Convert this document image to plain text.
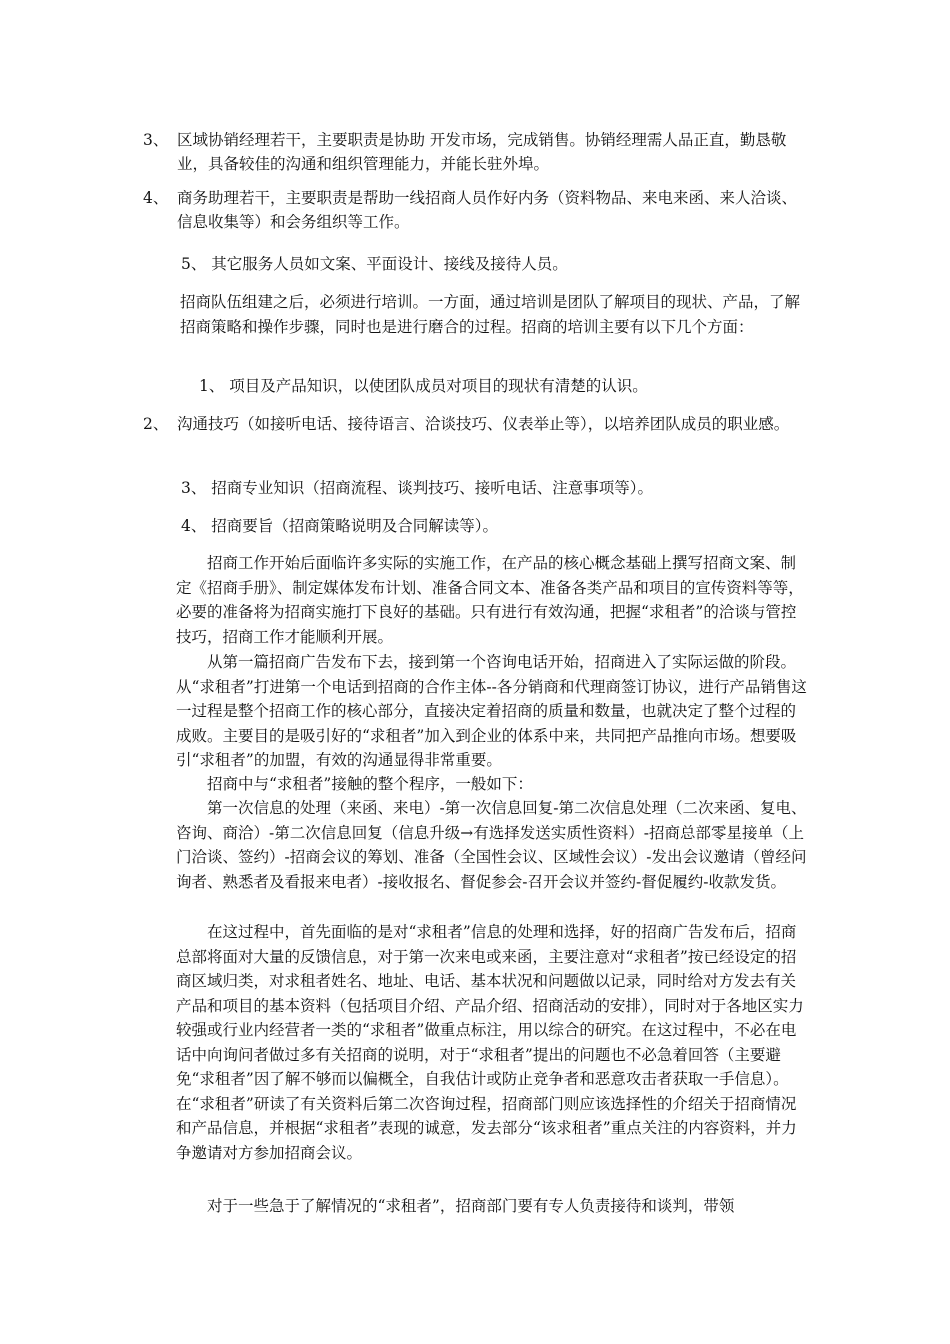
3、 区域协销经理若干，主要职责是协助 开发市场，完成销售。协销经理需人品正直，勤恳敬业，具备较佳的沟通和组织管理能力，并能长驻外埠。
4、 商务助理若干，主要职责是帮助一线招商人员作好内务（资料物品、来电来函、来人洽谈、信息收集等）和会务组织等工作。
5、 其它服务人员如文案、平面设计、接线及接待人员。
招商队伍组建之后，必须进行培训。一方面，通过培训是团队了解项目的现状、产品，了解招商策略和操作步骤，同时也是进行磨合的过程。招商的培训主要有以下几个方面：
1、 项目及产品知识，以使团队成员对项目的现状有清楚的认识。
2、 沟通技巧（如接听电话、接待语言、洽谈技巧、仪表举止等），以培养团队成员的职业感。
3、 招商专业知识（招商流程、谈判技巧、接听电话、注意事项等）。
4、 招商要旨（招商策略说明及合同解读等）。

招商工作开始后面临许多实际的实施工作，在产品的核心概念基础上撰写招商文案、制定《招商手册》、制定媒体发布计划、准备合同文本、准备各类产品和项目的宣传资料等等，必要的准备将为招商实施打下良好的基础。只有进行有效沟通，把握“求租者”的洽谈与管控技巧，招商工作才能顺利开展。

从第一篇招商广告发布下去，接到第一个咨询电话开始，招商进入了实际运做的阶段。从“求租者”打进第一个电话到招商的合作主体--各分销商和代理商签订协议，进行产品销售这一过程是整个招商工作的核心部分，直接决定着招商的质量和数量，也就决定了整个过程的成败。主要目的是吸引好的“求租者”加入到企业的体系中来，共同把产品推向市场。想要吸引“求租者”的加盟，有效的沟通显得非常重要。

招商中与“求租者”接触的整个程序，一般如下：

第一次信息的处理（来函、来电）-第一次信息回复-第二次信息处理（二次来函、复电、咨询、商洽）-第二次信息回复（信息升级→有选择发送实质性资料）-招商总部零星接单（上门洽谈、签约）-招商会议的筹划、准备（全国性会议、区域性会议）-发出会议邀请（曾经问询者、熟悉者及看报来电者）-接收报名、督促参会-召开会议并签约-督促履约-收款发货。

在这过程中，首先面临的是对“求租者”信息的处理和选择，好的招商广告发布后，招商总部将面对大量的反馈信息，对于第一次来电或来函，主要注意对“求租者”按已经设定的招商区域归类，对求租者姓名、地址、电话、基本状况和问题做以记录，同时给对方发去有关产品和项目的基本资料（包括项目介绍、产品介绍、招商活动的安排），同时对于各地区实力较强或行业内经营者一类的“求租者”做重点标注，用以综合的研究。在这过程中，不必在电话中向询问者做过多有关招商的说明，对于“求租者”提出的问题也不必急着回答（主要避免“求租者”因了解不够而以偏概全，自我估计或防止竞争者和恶意攻击者获取一手信息）。在“求租者”研读了有关资料后第二次咨询过程，招商部门则应该选择性的介绍关于招商情况和产品信息，并根据“求租者”表现的诚意，发去部分“该求租者”重点关注的内容资料，并力争邀请对方参加招商会议。

对于一些急于了解情况的“求租者”，招商部门要有专人负责接待和谈判，带领
